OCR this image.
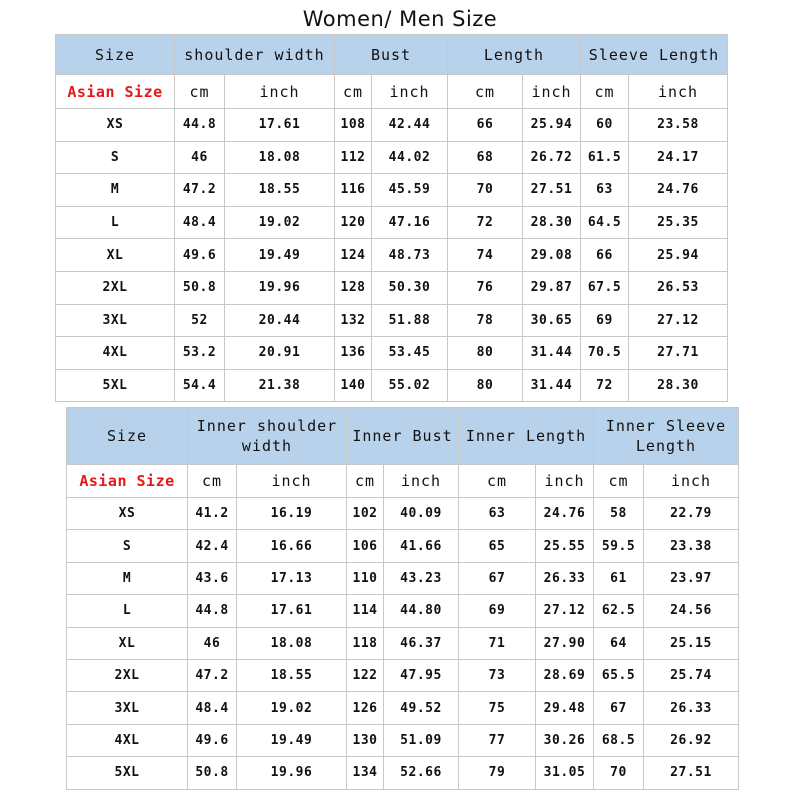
Women/ Men Size
Size	shoulder width		Bust		Length		Sleeve Length	
Asian Size	cm	inch	cm	inch	cm	inch	cm	inch
XS	44.8	17.61	108	42.44	66	25.94	60	23.58
S	46	18.08	112	44.02	68	26.72	61.5	24.17
M	47.2	18.55	116	45.59	70	27.51	63	24.76
L	48.4	19.02	120	47.16	72	28.30	64.5	25.35
XL	49.6	19.49	124	48.73	74	29.08	66	25.94
2XL	50.8	19.96	128	50.30	76	29.87	67.5	26.53
3XL	52	20.44	132	51.88	78	30.65	69	27.12
4XL	53.2	20.91	136	53.45	80	31.44	70.5	27.71
5XL	54.4	21.38	140	55.02	80	31.44	72	28.30
Size	Inner shoulder width		Inner Bust		Inner Length		Inner Sleeve Length	
Asian Size	cm	inch	cm	inch	cm	inch	cm	inch
XS	41.2	16.19	102	40.09	63	24.76	58	22.79
S	42.4	16.66	106	41.66	65	25.55	59.5	23.38
M	43.6	17.13	110	43.23	67	26.33	61	23.97
L	44.8	17.61	114	44.80	69	27.12	62.5	24.56
XL	46	18.08	118	46.37	71	27.90	64	25.15
2XL	47.2	18.55	122	47.95	73	28.69	65.5	25.74
3XL	48.4	19.02	126	49.52	75	29.48	67	26.33
4XL	49.6	19.49	130	51.09	77	30.26	68.5	26.92
5XL	50.8	19.96	134	52.66	79	31.05	70	27.51
